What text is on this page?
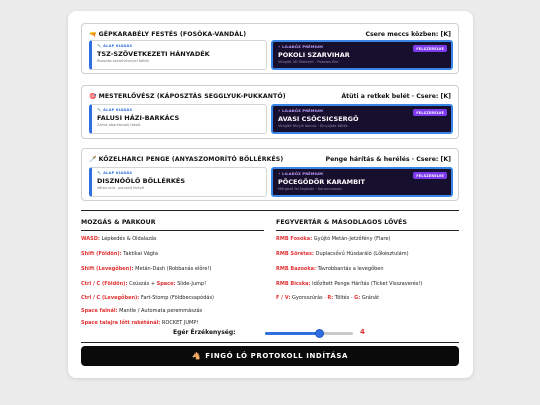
🔫 GÉPKARABÉLY FESTÉS (FOSÓKA-VANDÁL)	Csere meccs közben: [K]
🔧 ALAP KIADÁS
TSZ-SZÖVETKEZETI HÁNYADÉK
Rozsdás szerelvénnyel bélelt
⚡ LILADŐZ PRÉMIUM
POKOLI SZARVIHAR
Vilagító 3D Meteorit - Pokolos Éke
FELSZERELVE
🎯 MESTERLÖVÉSZ (KÁPOSZTÁS SEGGLYUK-PUKKANTÓ)	Átüti a retkek belét · Csere: [K]
🔧 ALAP KIADÁS
FALUSI HÁZI-BARKÁCS
Zárva abarkácsolj tákolt
⚡ LILADŐZ PRÉMIUM
AVASI CSŐCSICSERGŐ
Vilagító fénylő láncok · Elnyújtás töltés
FELSZERELVE
🗡️ KÖZELHARCI PENGE (ANYASZOMORÍTÓ BÖLLÉRKÉS)	Penge hárítás & herélés · Csere: [K]
🔧 ALAP KIADÁS
DISZNÓÖLŐ BÖLLÉRKÉS
Véres szúr, porcsolt fartyé
⚡ LILADŐZ PRÉMIUM
PÖCEGÖDÖR KARAMBIT
Mérgező fel fogásán · Karamcsapás
FELSZERELVE
MOZGÁS & PARKOUR
WASD: Lépkedés & Oldalazás
Shift (Földön): Taktikai Vágta
Shift (Levegőben): Metán-Dash (Robbanás előre!)
Ctrl / C (Földön): Csúszás + Space: Slide-Jump!
Ctrl / C (Levegőben): Fart-Stomp (Földbecsapódás)
Space falnál: Mantle / Automata peremmászás
Space talajra lőtt rakétánál: ROCKET JUMP!
FEGYVERTÁR & MÁSODLAGOS LÖVÉS
RMB Fosóka: Gyújtó Metán-Jetzőfény (Flare)
RMB Sörétes: Duplacsővű Húsdaráló (Lőkésztulám)
RMB Bazooka: Távrobbantás a levegőben
RMB Bicska: Időzített Penge Hárítás (Ticket Visszaverés!)
F / V: Gyorsszúrás · R: Töltés · G: Gránát
Egér Érzékenység:	4
🐴 FINGÓ LÓ PROTOKOLL INDÍTÁSA
